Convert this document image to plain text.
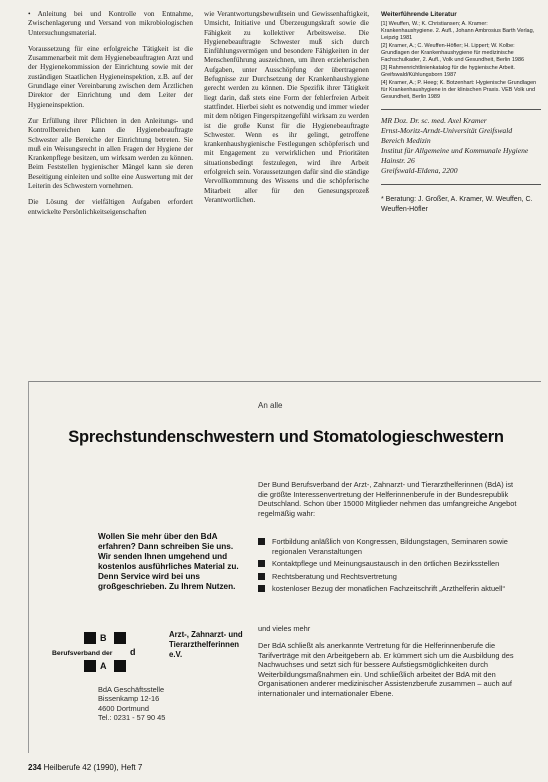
• Anleitung bei und Kontrolle von Entnahme, Zwischenlagerung und Versand von mikrobiologischen Untersuchungsmaterial.

Voraussetzung für eine erfolgreiche Tätigkeit ist die Zusammenarbeit mit dem Hygienebeauftragten Arzt und der Hygienekommission der Einrichtung sowie mit der zuständigen Staatlichen Hygieneinspektion, z.B. auf der Grundlage einer Vereinbarung zwischen dem Ärztlichen Direktor der Einrichtung und dem Leiter der Hygieneinspektion.

Zur Erfüllung ihrer Pflichten in den Anleitungs- und Kontrollbereichen kann die Hygienebeauftragte Schwester alle Bereiche der Einrichtung betreten. Sie muß ein Weisungsrecht in allen Fragen der Hygiene der Krankenpflege besitzen, um wirksam werden zu können. Beim Feststellen hygienischer Mängel kann sie deren Beseitigung einleiten und sollte eine Auswertung mit der Leiterin des Schwestern vornehmen.

Die Lösung der vielfältigen Aufgaben erfordert entwickelte Persönlichkeitseigenschaften

wie Verantwortungsbewußtsein und Gewissenhaftigkeit, Umsicht, Initiative und Überzeugungskraft sowie die Fähigkeit zu kollektiver Arbeitsweise. Die Hygienebeauftragte Schwester muß sich durch Einfühlungsvermögen und besondere Fähigkeiten in der Menschenführung auszeichnen, um ihren erzieherischen Aufgaben, unter Ausschöpfung der übertragenen Befugnisse zur Durchsetzung der Krankenhaushygiene gerecht werden zu können. Die Spezifik ihrer Tätigkeit liegt darin, daß stets eine Form der fehlerfreien Arbeit stattfindet. Hierbei sieht es notwendig und immer wieder mit dem nötigen Fingerspitzengefühl wirksam zu werden ist die große Kunst für die Hygienebeauftragte Schwester. Wenn es ihr gelingt, getroffene krankenhaushygienische Festlegungen schöpferisch und mit Engagement zu verwirklichen und Prioritäten situationsbedingt festzulegen, wird ihre Arbeit erfolgreich sein. Voraussetzungen dafür sind die ständige Vervollkommnung des Wissens und die schöpferische Mitarbeit aller für den Genesungsprozeß Verantwortlichen.

Weiterführende Literatur
[1] Weuffen, W.; K. Christiansen; A. Kramer: Krankenhaushygiene. 2. Aufl., Johann Ambrosius Barth Verlag, Leipzig 1981
[2] Kramer, A.; C. Weuffen-Höfler; H. Lippert; W. Kolbe: Grundlagen der Krankenhaushygiene für medizinische Fachschulkader, 2. Aufl., Volk und Gesundheit, Berlin 1986
[3] Rahmenrichtlinienkatalog für die hygienische Arbeit. Greifswald/Kühlungsborn 1987
[4] Kramer, A.; P. Heeg; K. Botzenhart: Hygienische Grundlagen für Krankenhaushygiene in der klinischen Praxis. VEB Volk und Gesundheit, Berlin 1989
MR Doz. Dr. sc. med. Axel Kramer
Ernst-Moritz-Arndt-Universität Greifswald
Bereich Medizin
Institut für Allgemeine und Kommunale Hygiene
Hainstr. 26
Greifswald-Eldena, 2200
* Beratung: J. Großer, A. Kramer, W. Weuffen, C. Weuffen-Höfler
An alle
Sprechstundenschwestern und Stomatologieschwestern
Der Bund Berufsverband der Arzt-, Zahnarzt- und Tierarzthelferinnen (BdA) ist die größte Interessenvertretung der Helferinnenberufe in der Bundesrepublik Deutschland. Schon über 15000 Mitglieder nehmen das umfangreiche Angebot regelmäßig wahr:
Fortbildung anläßlich von Kongressen, Bildungstagen, Seminaren sowie regionalen Veranstaltungen
Kontaktpflege und Meinungsaustausch in den örtlichen Bezirksstellen
Rechtsberatung und Rechtsvertretung
kostenloser Bezug der monatlichen Fachzeitschrift „Arzthelferin aktuell“
und vieles mehr
Der BdA schließt als anerkannte Vertretung für die Helferinnenberufe die Tarifverträge mit den Arbeitgebern ab. Er kümmert sich um die Ausbildung des Nachwuchses und setzt sich für bessere Aufstiegsmöglichkeiten durch Weiterbildungsmaßnahmen ein. Und schließlich arbeitet der BdA mit den Organisationen anderer medizinischer Assistenzberufe zusammen – auch auf internationaler und internationaler Ebene.
Wollen Sie mehr über den BdA erfahren? Dann schreiben Sie uns. Wir senden Ihnen umgehend und kostenlos ausführliches Material zu. Denn Service wird bei uns großgeschrieben. Zu Ihrem Nutzen.
B
d
A
Berufsverband der
Arzt-, Zahnarzt- und Tierarzthelferinnen e.V.
BdA Geschäftsstelle
Bissenkamp 12-16
4600 Dortmund
Tel.: 0231 - 57 90 45
234 Heilberufe 42 (1990), Heft 7
